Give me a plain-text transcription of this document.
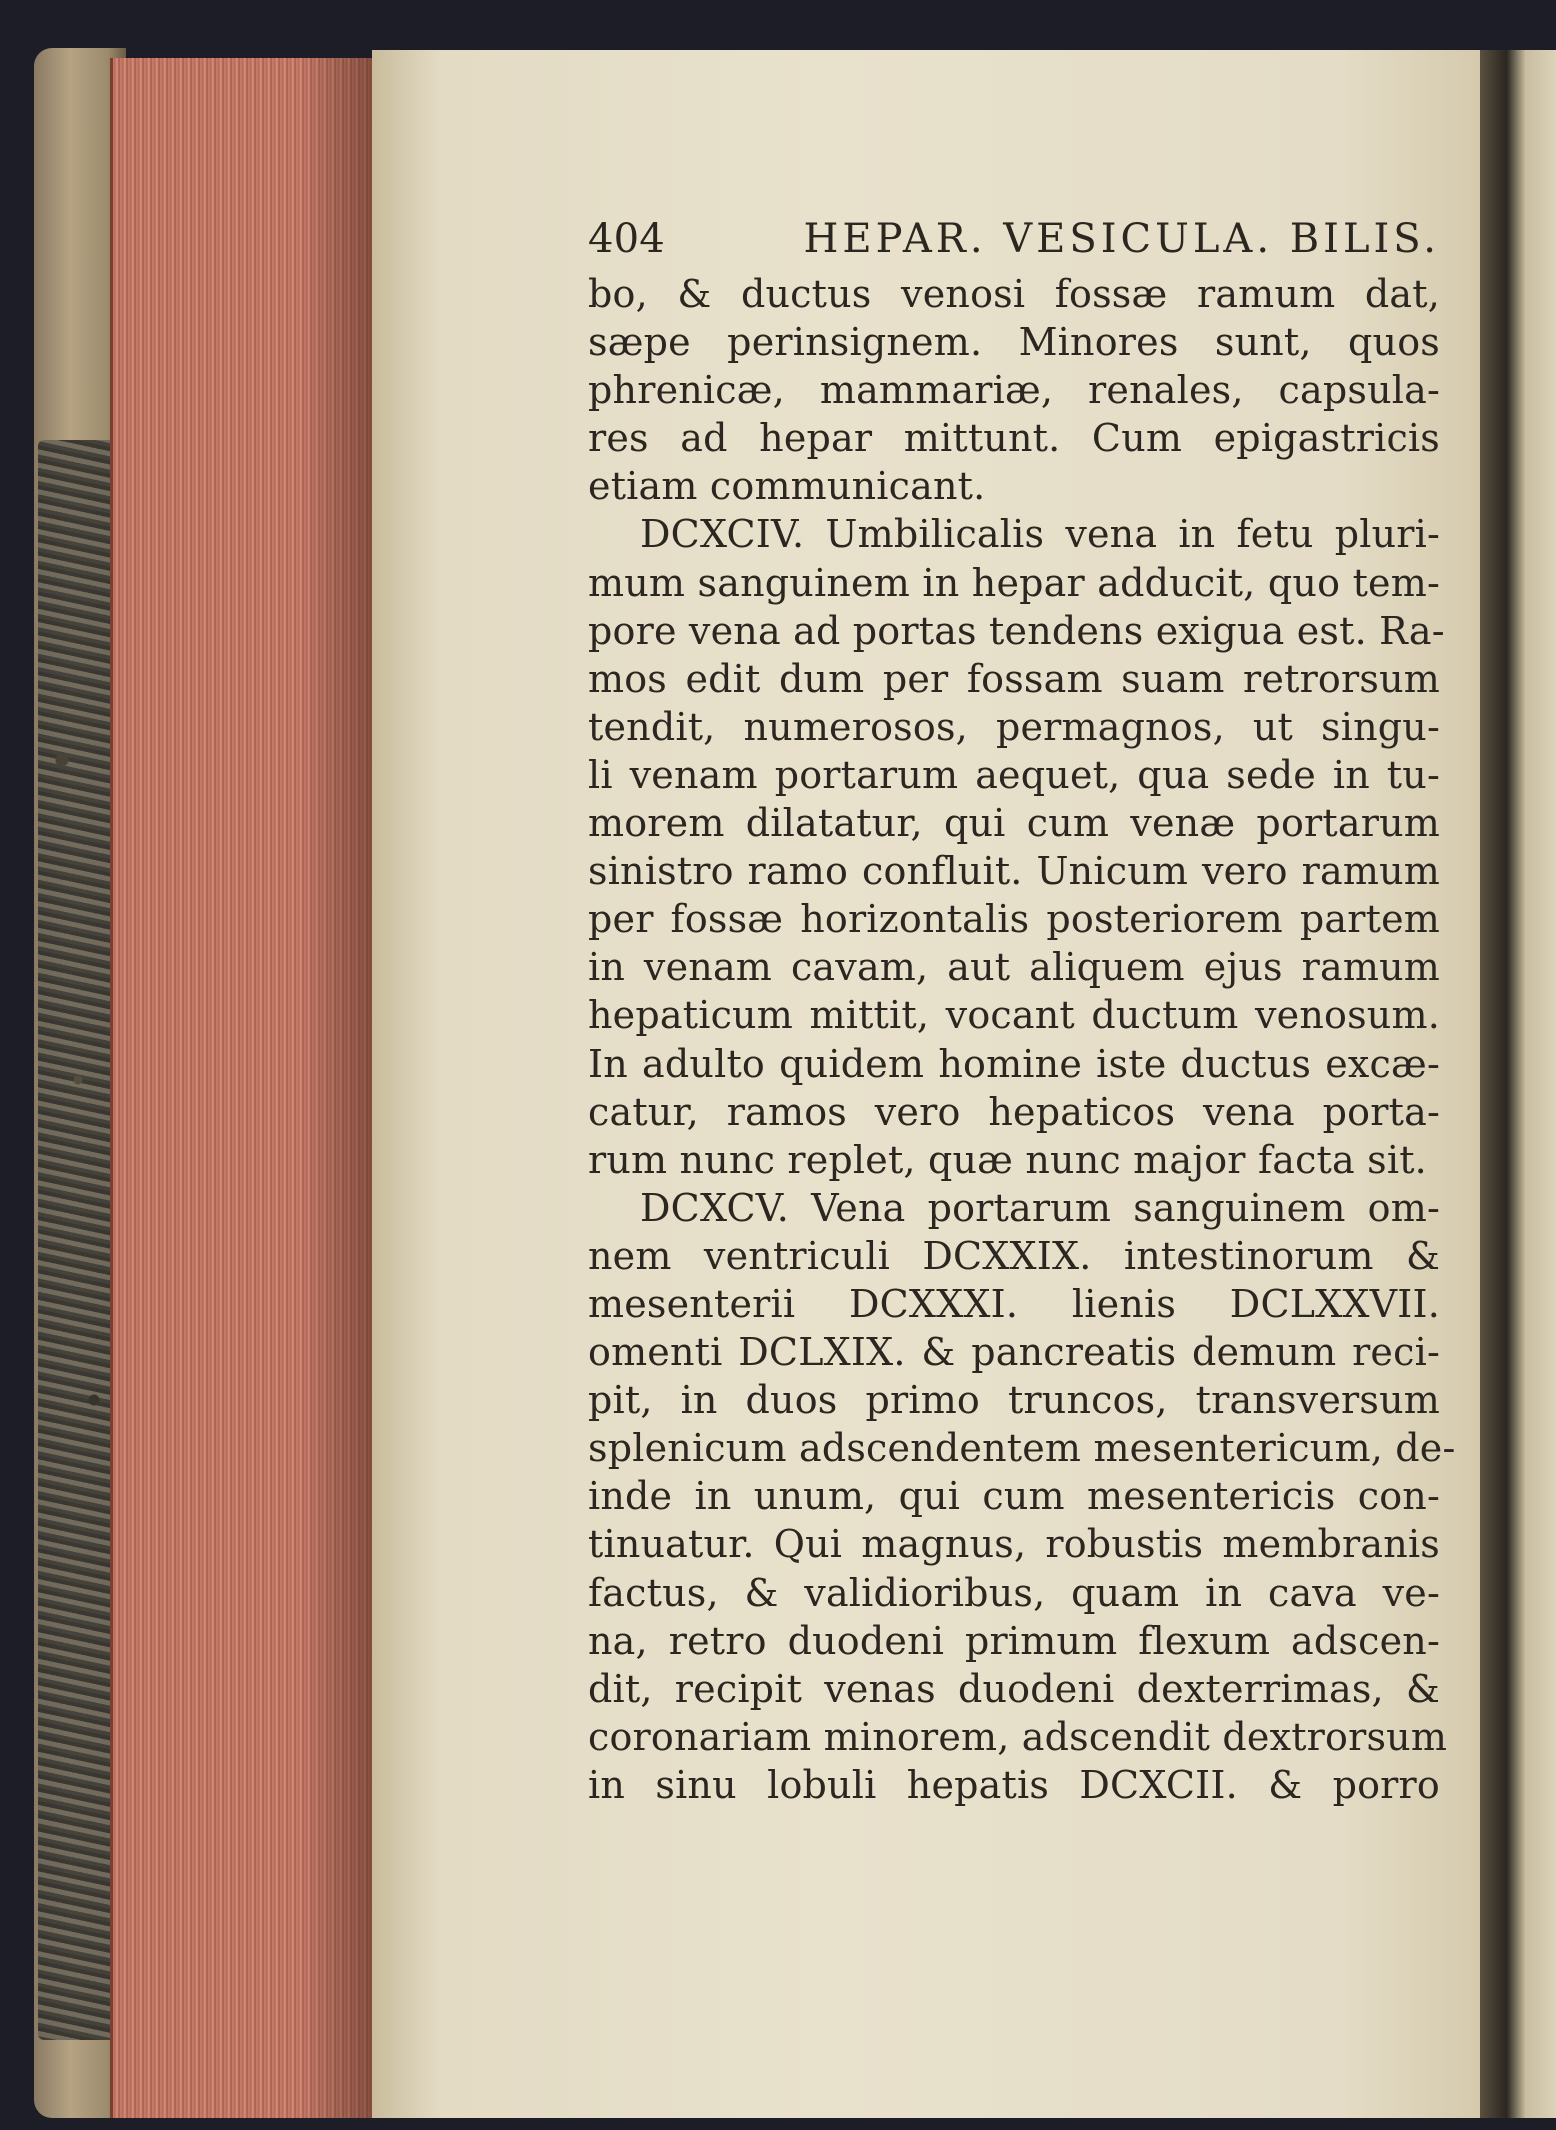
404	HEPAR. VESICULA. BILIS.
bo, & ductus venosi fossæ ramum dat,
sæpe perinsignem. Minores sunt, quos
phrenicæ, mammariæ, renales, capsula-
res ad hepar mittunt. Cum epigastricis
etiam communicant.
DCXCIV. Umbilicalis vena in fetu pluri-
mum sanguinem in hepar adducit, quo tem-
pore vena ad portas tendens exigua est. Ra-
mos edit dum per fossam suam retrorsum
tendit, numerosos, permagnos, ut singu-
li venam portarum aequet, qua sede in tu-
morem dilatatur, qui cum venæ portarum
sinistro ramo confluit. Unicum vero ramum
per fossæ horizontalis posteriorem partem
in venam cavam, aut aliquem ejus ramum
hepaticum mittit, vocant ductum venosum.
In adulto quidem homine iste ductus excæ-
catur, ramos vero hepaticos vena porta-
rum nunc replet, quæ nunc major facta sit.
DCXCV. Vena portarum sanguinem om-
nem ventriculi DCXXIX. intestinorum &
mesenterii DCXXXI. lienis DCLXXVII.
omenti DCLXIX. & pancreatis demum reci-
pit, in duos primo truncos, transversum
splenicum adscendentem mesentericum, de-
inde in unum, qui cum mesentericis con-
tinuatur. Qui magnus, robustis membranis
factus, & validioribus, quam in cava ve-
na, retro duodeni primum flexum adscen-
dit, recipit venas duodeni dexterrimas, &
coronariam minorem, adscendit dextrorsum
in sinu lobuli hepatis DCXCII. & porro
